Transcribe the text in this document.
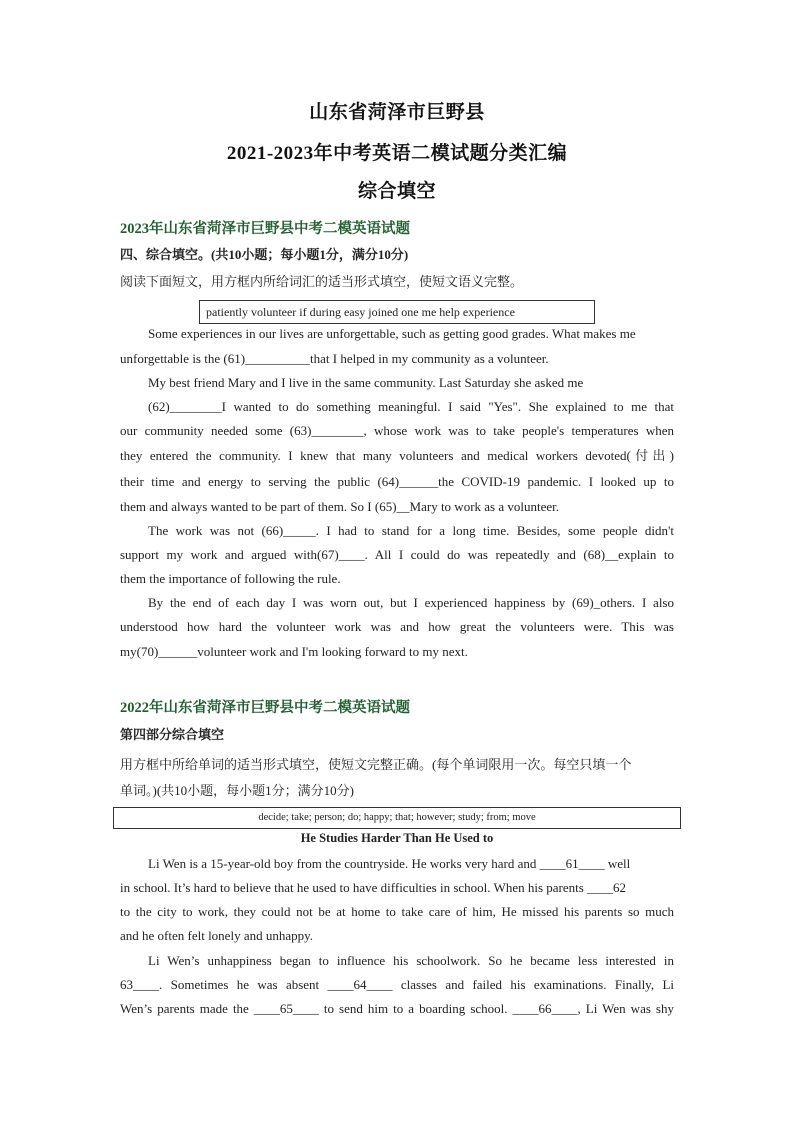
山东省菏泽市巨野县
2021-2023年中考英语二模试题分类汇编
综合填空
2023年山东省菏泽市巨野县中考二模英语试题
四、综合填空。(共10小题；每小题1分，满分10分)
阅读下面短文，用方框内所给词汇的适当形式填空，使短文语义完整。
patiently volunteer if during easy joined one me help experience
Some experiences in our lives are unforgettable, such as getting good grades. What makes me
unforgettable is the (61)__________that I helped in my community as a volunteer.
My best friend Mary and I live in the same community. Last Saturday she asked me
(62)________I wanted to do something meaningful. I said "Yes". She explained to me that
our community needed some (63)________, whose work was to take people's temperatures when
they entered the community. I knew that many volunteers and medical workers devoted(付出)
their time and energy to serving the public (64)______the COVID-19 pandemic. I looked up to
them and always wanted to be part of them. So I (65)__Mary to work as a volunteer.
The work was not (66)_____. I had to stand for a long time. Besides, some people didn't
support my work and argued with(67)____. All I could do was repeatedly and (68)__explain to
them the importance of following the rule.
By the end of each day I was worn out, but I experienced happiness by (69)_others. I also
understood how hard the volunteer work was and how great the volunteers were. This was
my(70)______volunteer work and I'm looking forward to my next.
2022年山东省菏泽市巨野县中考二模英语试题
第四部分综合填空
用方框中所给单词的适当形式填空，使短文完整正确。(每个单词限用一次。每空只填一个
单词。)(共10小题，每小题1分；满分10分)
decide; take; person; do; happy; that; however; study; from; move
He Studies Harder Than He Used to
Li Wen is a 15-year-old boy from the countryside. He works very hard and ____61____ well
in school. It’s hard to believe that he used to have difficulties in school. When his parents ____62
to the city to work, they could not be at home to take care of him, He missed his parents so much
and he often felt lonely and unhappy.
Li Wen’s unhappiness began to influence his schoolwork. So he became less interested in
63____. Sometimes he was absent ____64____ classes and failed his examinations. Finally, Li
Wen’s parents made the ____65____ to send him to a boarding school. ____66____, Li Wen was shy
